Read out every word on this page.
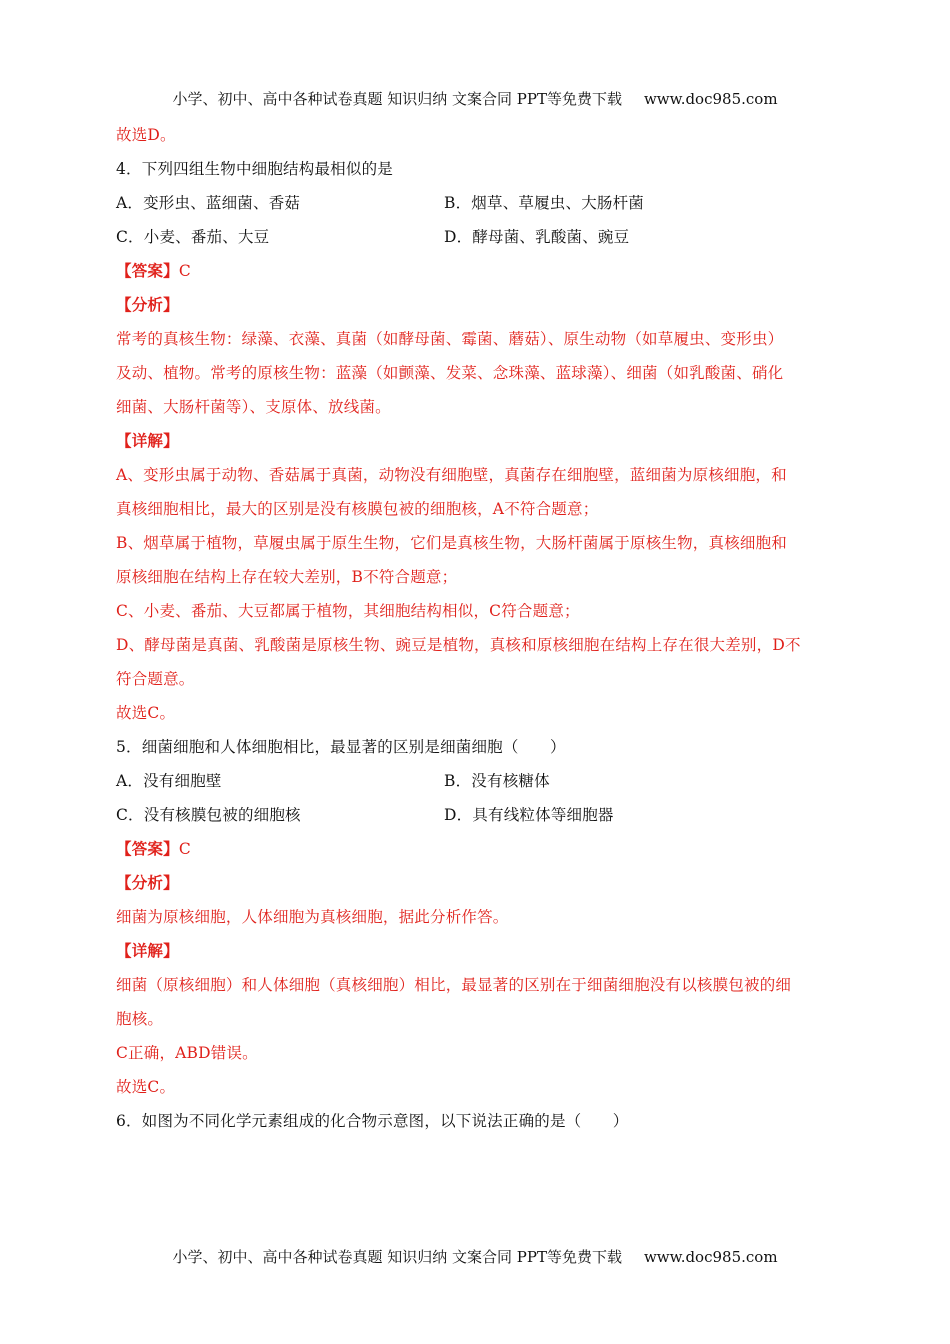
小学、初中、高中各种试卷真题 知识归纳 文案合同 PPT等免费下载 www.doc985.com
故选D。
4．下列四组生物中细胞结构最相似的是
A．变形虫、蓝细菌、香菇	B．烟草、草履虫、大肠杆菌
C．小麦、番茄、大豆	D．酵母菌、乳酸菌、豌豆
【答案】C
【分析】
常考的真核生物：绿藻、衣藻、真菌（如酵母菌、霉菌、蘑菇）、原生动物（如草履虫、变形虫）
及动、植物。常考的原核生物：蓝藻（如颤藻、发菜、念珠藻、蓝球藻）、细菌（如乳酸菌、硝化
细菌、大肠杆菌等）、支原体、放线菌。
【详解】
A、变形虫属于动物、香菇属于真菌，动物没有细胞壁，真菌存在细胞壁，蓝细菌为原核细胞，和
真核细胞相比，最大的区别是没有核膜包被的细胞核，A不符合题意；
B、烟草属于植物，草履虫属于原生生物，它们是真核生物，大肠杆菌属于原核生物，真核细胞和
原核细胞在结构上存在较大差别，B不符合题意；
C、小麦、番茄、大豆都属于植物，其细胞结构相似，C符合题意；
D、酵母菌是真菌、乳酸菌是原核生物、豌豆是植物，真核和原核细胞在结构上存在很大差别，D不
符合题意。
故选C。
5．细菌细胞和人体细胞相比，最显著的区别是细菌细胞（　　）
A．没有细胞壁	B．没有核糖体
C．没有核膜包被的细胞核	D．具有线粒体等细胞器
【答案】C
【分析】
细菌为原核细胞，人体细胞为真核细胞，据此分析作答。
【详解】
细菌（原核细胞）和人体细胞（真核细胞）相比，最显著的区别在于细菌细胞没有以核膜包被的细
胞核。
C正确，ABD错误。
故选C。
6．如图为不同化学元素组成的化合物示意图，以下说法正确的是（　　）
小学、初中、高中各种试卷真题 知识归纳 文案合同 PPT等免费下载 www.doc985.com
